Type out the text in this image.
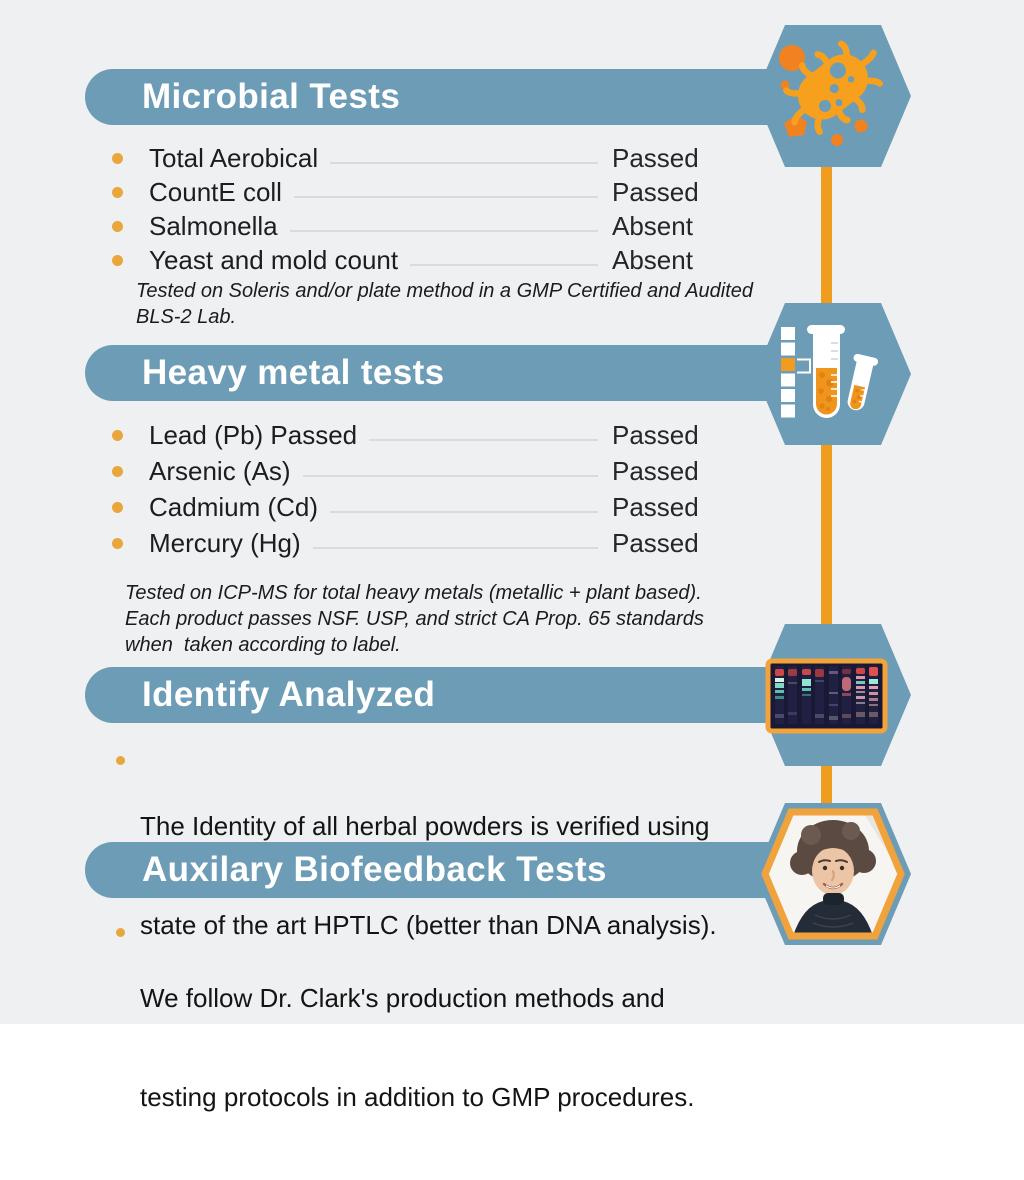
Microbial Tests
Heavy metal tests
Identify Analyzed
Auxilary Biofeedback Tests
Total Aerobical	Passed
CountE coll	Passed
Salmonella	Absent
Yeast and mold count	Absent
Tested on Soleris and/or plate method in a GMP Certified and Audited
BLS-2 Lab.
Lead (Pb) Passed	Passed
Arsenic (As)	Passed
Cadmium (Cd)	Passed
Mercury (Hg)	Passed
Tested on ICP-MS for total heavy metals (metallic + plant based).
Each product passes NSF. USP, and strict CA Prop. 65 standards
when  taken according to label.

The Identity of all herbal powders is verified using

state of the art HPTLC (better than DNA analysis).

We follow Dr. Clark's production methods and

testing protocols in addition to GMP procedures.
